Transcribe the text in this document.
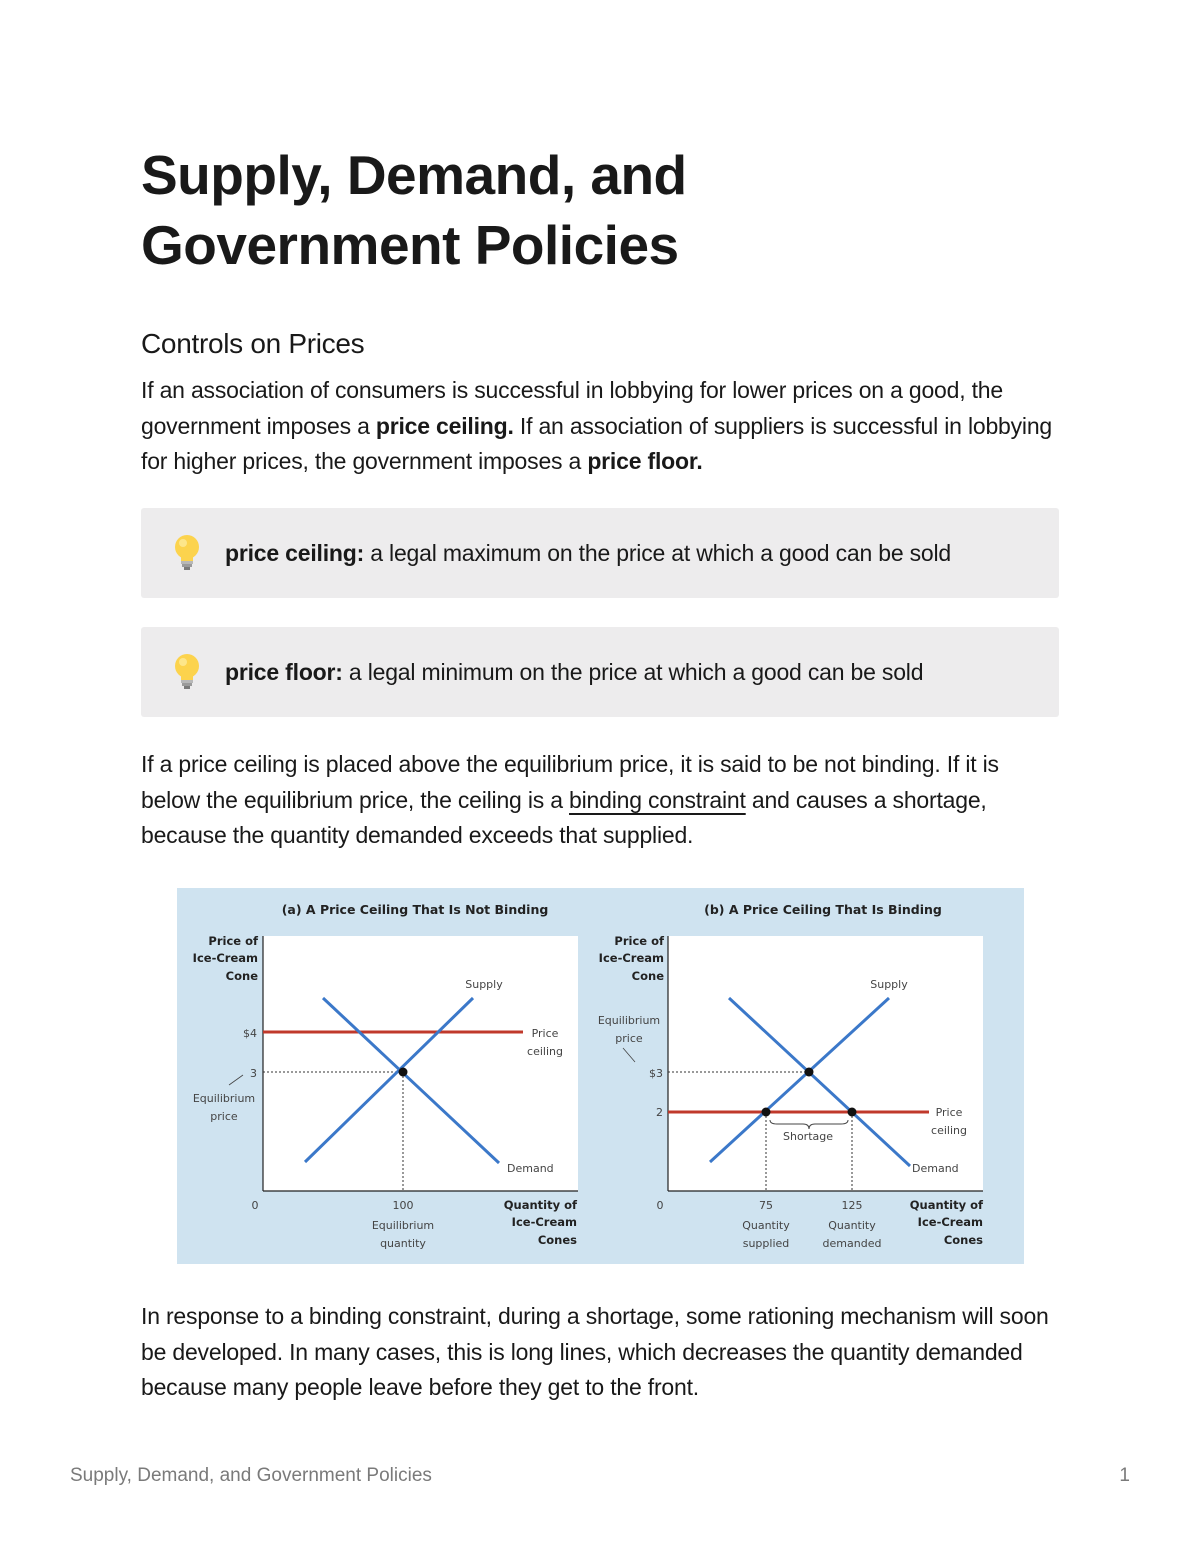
Supply, Demand, and
Government Policies
Controls on Prices

If an association of consumers is successful in lobbying for lower prices on a good, the government imposes a price ceiling. If an association of suppliers is successful in lobbying for higher prices, the government imposes a price floor.

price ceiling: a legal maximum on the price at which a good can be sold
price floor: a legal minimum on the price at which a good can be sold

If a price ceiling is placed above the equilibrium price, it is said to be not binding. If it is below the equilibrium price, the ceiling is a binding constraint and causes a shortage, because the quantity demanded exceeds that supplied.

(a) A Price Ceiling That Is Not Binding
Price of
Ice-Cream
Cone
$4
3
Equilibrium
price
0	100
Equilibrium
quantity
Quantity of
Ice-Cream
Cones
Supply
Demand
Price
ceiling
(b) A Price Ceiling That Is Binding
Price of
Ice-Cream
Cone
Equilibrium
price
$3
2
0	75	125
Quantity
supplied
Quantity
demanded
Quantity of
Ice-Cream
Cones
Shortage
Supply
Demand
Price
ceiling

In response to a binding constraint, during a shortage, some rationing mechanism will soon be developed. In many cases, this is long lines, which decreases the quantity demanded because many people leave before they get to the front.

Supply, Demand, and Government Policies	1
